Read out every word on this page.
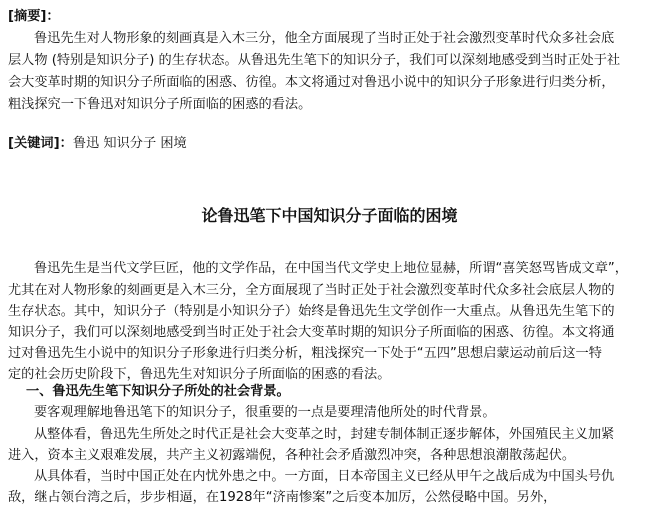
[摘要]：
鲁迅先生对人物形象的刻画真是入木三分，他全方面展现了当时正处于社会激烈变革时代众多社会底
层人物 (特别是知识分子) 的生存状态。从鲁迅先生笔下的知识分子，我们可以深刻地感受到当时正处于社
会大变革时期的知识分子所面临的困惑、彷徨。本文将通过对鲁迅小说中的知识分子形象进行归类分析，
粗浅探究一下鲁迅对知识分子所面临的困惑的看法。
[关键词]：鲁迅 知识分子 困境
论鲁迅笔下中国知识分子面临的困境
鲁迅先生是当代文学巨匠，他的文学作品，在中国当代文学史上地位显赫，所谓“喜笑怒骂皆成文章”，
尤其在对人物形象的刻画更是入木三分，全方面展现了当时正处于社会激烈变革时代众多社会底层人物的
生存状态。其中，知识分子（特别是小知识分子）始终是鲁迅先生文学创作一大重点。从鲁迅先生笔下的
知识分子，我们可以深刻地感受到当时正处于社会大变革时期的知识分子所面临的困惑、彷徨。本文将通
过对鲁迅先生小说中的知识分子形象进行归类分析，粗浅探究一下处于“五四”思想启蒙运动前后这一特
定的社会历史阶段下，鲁迅先生对知识分子所面临的困惑的看法。
一、鲁迅先生笔下知识分子所处的社会背景。
要客观理解地鲁迅笔下的知识分子，很重要的一点是要理清他所处的时代背景。
从整体看，鲁迅先生所处之时代正是社会大变革之时，封建专制体制正逐步解体，外国殖民主义加紧
进入，资本主义艰难发展，共产主义初露端倪，各种社会矛盾激烈冲突，各种思想浪潮散荡起伏。
从具体看，当时中国正处在内忧外患之中。一方面，日本帝国主义已经从甲午之战后成为中国头号仇
敌，继占领台湾之后，步步相逼，在1928年“济南惨案”之后变本加厉，公然侵略中国。另外，
